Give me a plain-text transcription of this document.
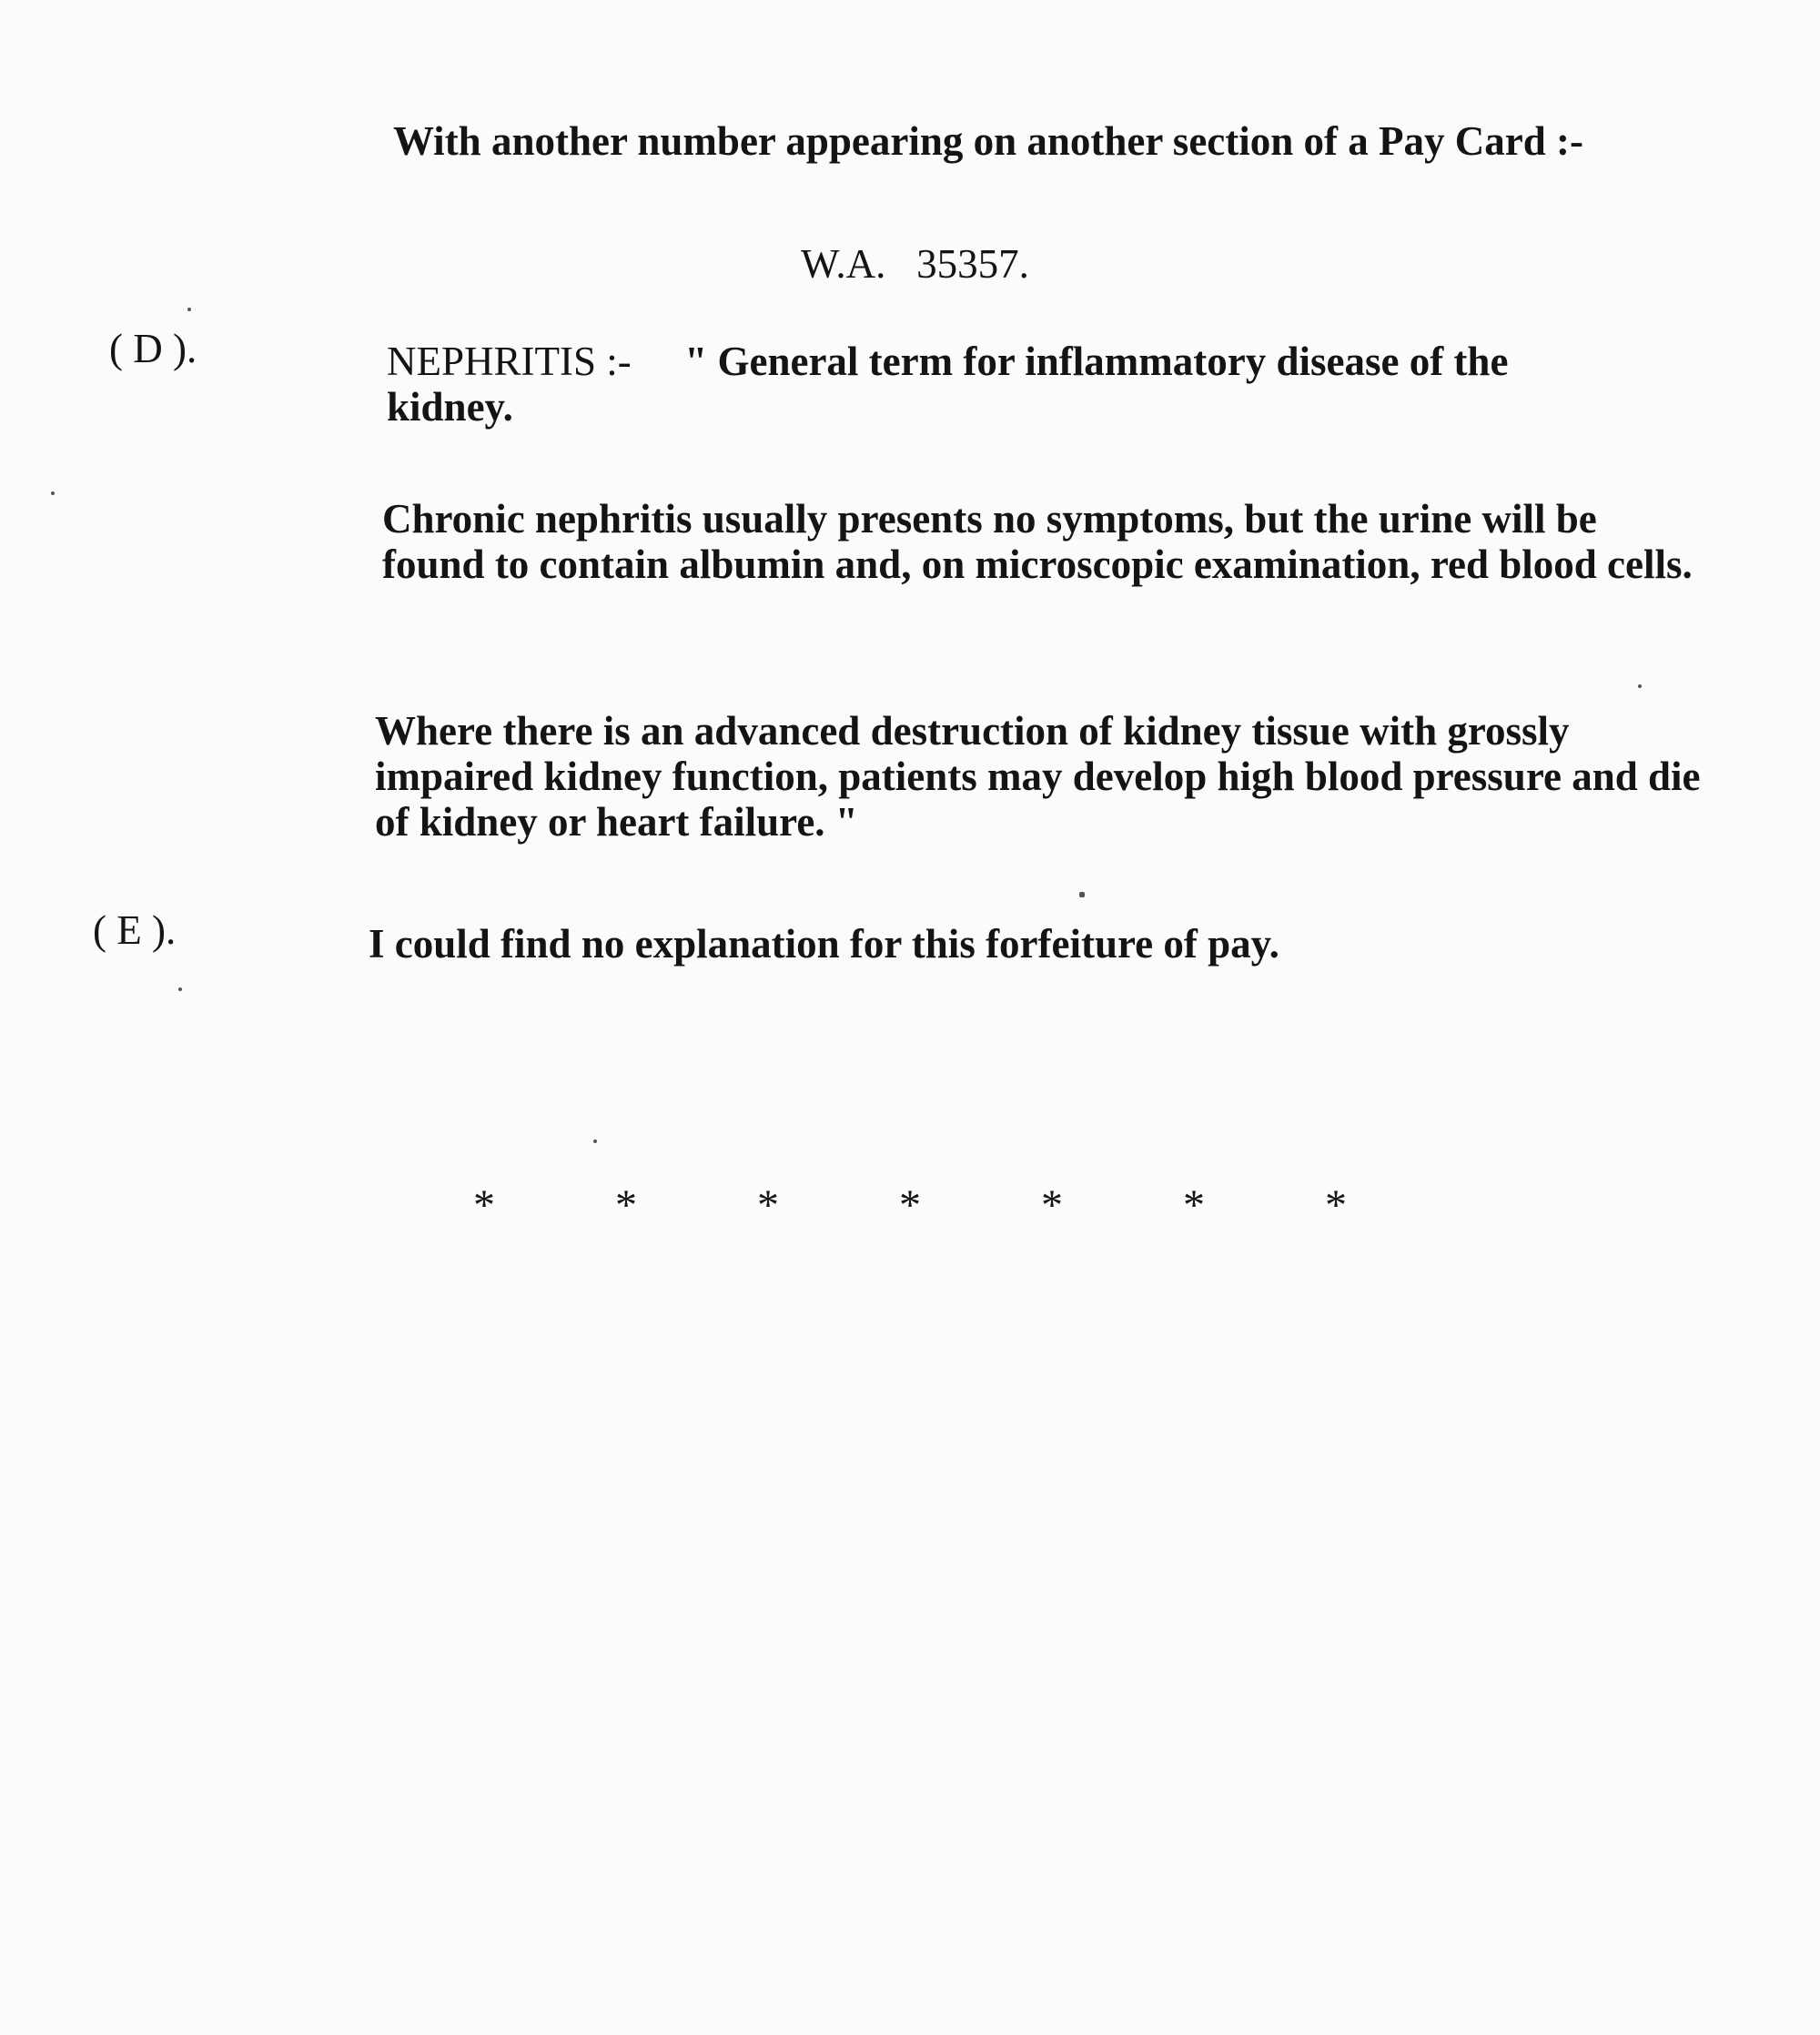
With another number appearing on another section of a Pay Card :-
W.A.   35357.
( D ).	NEPHRITIS :- " General term for inflammatory disease of the kidney.
Chronic nephritis usually presents no symptoms, but the urine will be found to contain albumin and, on microscopic examination, red blood cells.
Where there is an advanced destruction of kidney tissue with grossly impaired kidney function, patients may develop high blood pressure and die of kidney or heart failure. "
( E ).	I could find no explanation for this forfeiture of pay.
*	*	*	*	*	*	*
